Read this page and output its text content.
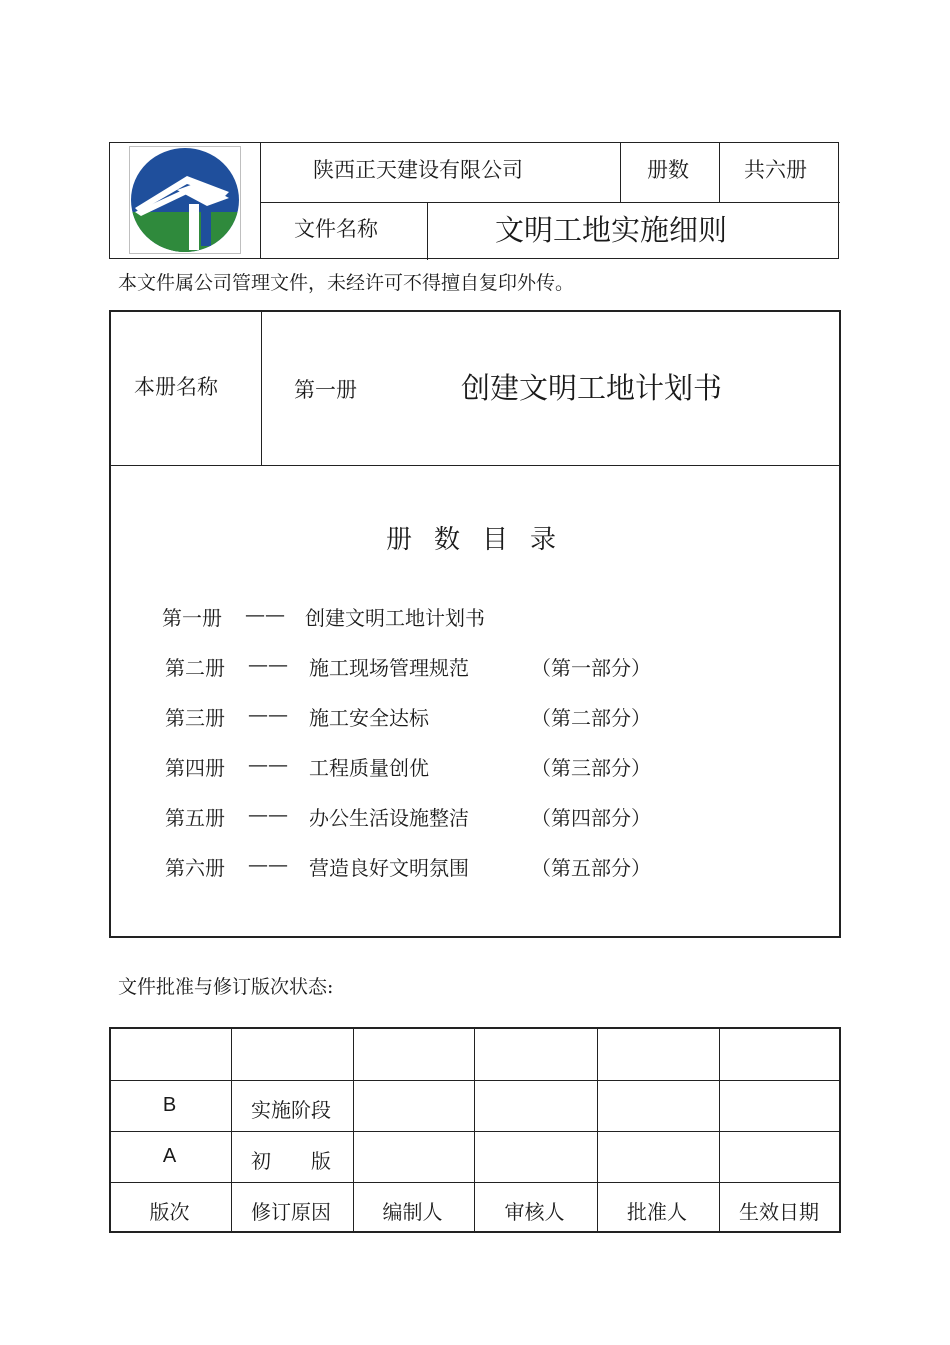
陕西正天建设有限公司	册数	共六册
文件名称	文明工地实施细则
本文件属公司管理文件，未经许可不得擅自复印外传。
本册名称	第一册	创建文明工地计划书
册数目录
第一册 —— 创建文明工地计划书
第二册 —— 施工现场管理规范	（第一部分）
第三册 —— 施工安全达标	（第二部分）
第四册 —— 工程质量创优	（第三部分）
第五册 —— 办公生活设施整洁	（第四部分）
第六册 —— 营造良好文明氛围	（第五部分）
文件批准与修订版次状态:
B	实施阶段
A	初　　版
版次	修订原因	编制人	审核人	批准人	生效日期
